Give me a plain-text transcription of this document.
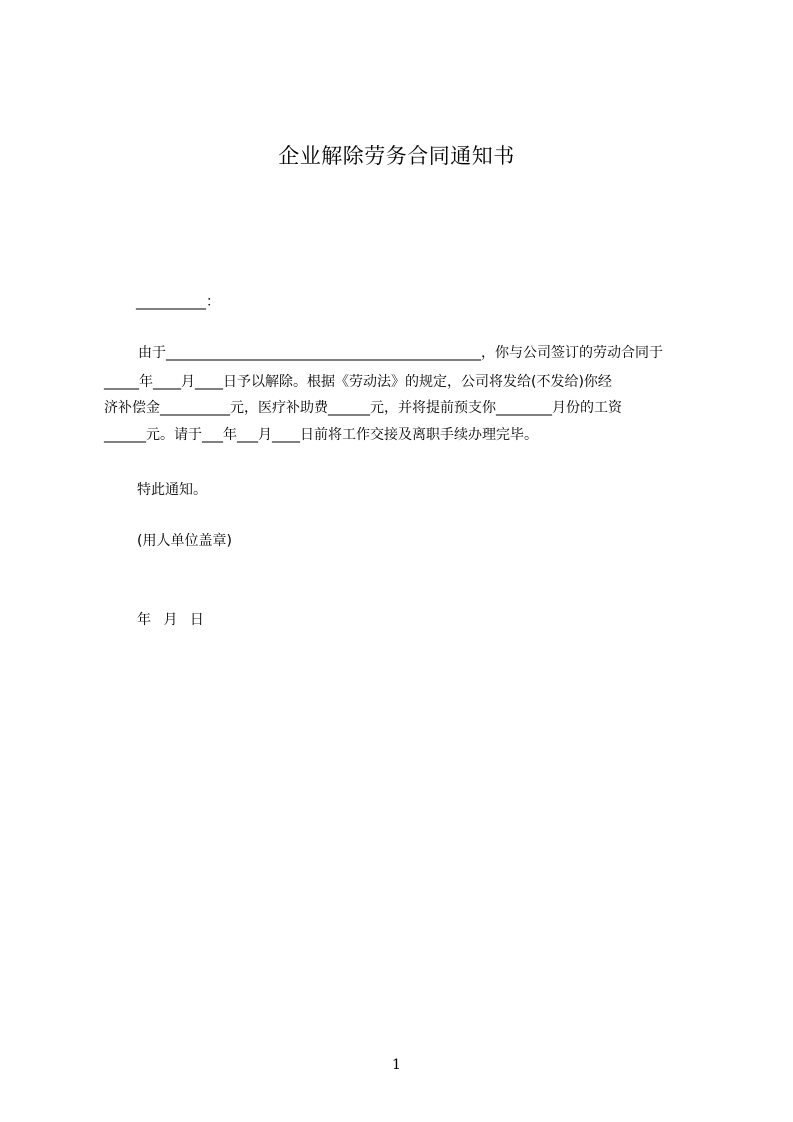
企业解除劳务合同通知书
__________：
由于_____________________________________________，你与公司签订的劳动合同于
_____年____月____日予以解除。根据《劳动法》的规定，公司将发给(不发给)你经
济补偿金__________元，医疗补助费______元，并将提前预支你________月份的工资
______元。请于___年___月____日前将工作交接及离职手续办理完毕。
特此通知。
(用人单位盖章)
年 月 日
1
